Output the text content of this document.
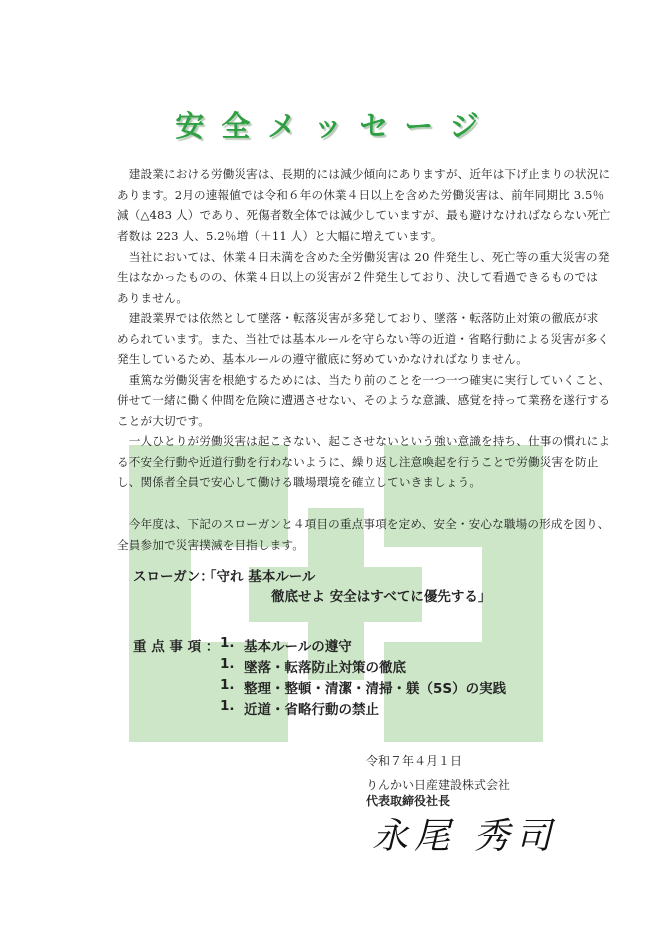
安全メッセージ
　建設業における労働災害は、長期的には減少傾向にありますが、近年は下げ止まりの状況に
あります。2月の速報値では令和６年の休業４日以上を含めた労働災害は、前年同期比 3.5％
減（△483 人）であり、死傷者数全体では減少していますが、最も避けなければならない死亡
者数は 223 人、5.2％増（＋11 人）と大幅に増えています。
　当社においては、休業４日未満を含めた全労働災害は 20 件発生し、死亡等の重大災害の発
生はなかったものの、休業４日以上の災害が２件発生しており、決して看過できるものでは
ありません。
　建設業界では依然として墜落・転落災害が多発しており、墜落・転落防止対策の徹底が求
められています。また、当社では基本ルールを守らない等の近道・省略行動による災害が多く
発生しているため、基本ルールの遵守徹底に努めていかなければなりません。
　重篤な労働災害を根絶するためには、当たり前のことを一つ一つ確実に実行していくこと、
併せて一緒に働く仲間を危険に遭遇させない、そのような意識、感覚を持って業務を遂行する
ことが大切です。
　一人ひとりが労働災害は起こさない、起こさせないという強い意識を持ち、仕事の慣れによ
る不安全行動や近道行動を行わないように、繰り返し注意喚起を行うことで労働災害を防止
し、関係者全員で安心して働ける職場環境を確立していきましょう。
　今年度は、下記のスローガンと４項目の重点事項を定め、安全・安心な職場の形成を図り、
全員参加で災害撲滅を目指します。
スローガン：
「守れ 基本ルール
徹底せよ 安全はすべてに優先する」
重 点 事 項 ： 1. 基本ルールの遵守
1. 墜落・転落防止対策の徹底
1. 整理・整頓・清潔・清掃・躾（5S）の実践
1. 近道・省略行動の禁止
令和７年４月１日
りんかい日産建設株式会社
代表取締役社長
永尾 秀司
